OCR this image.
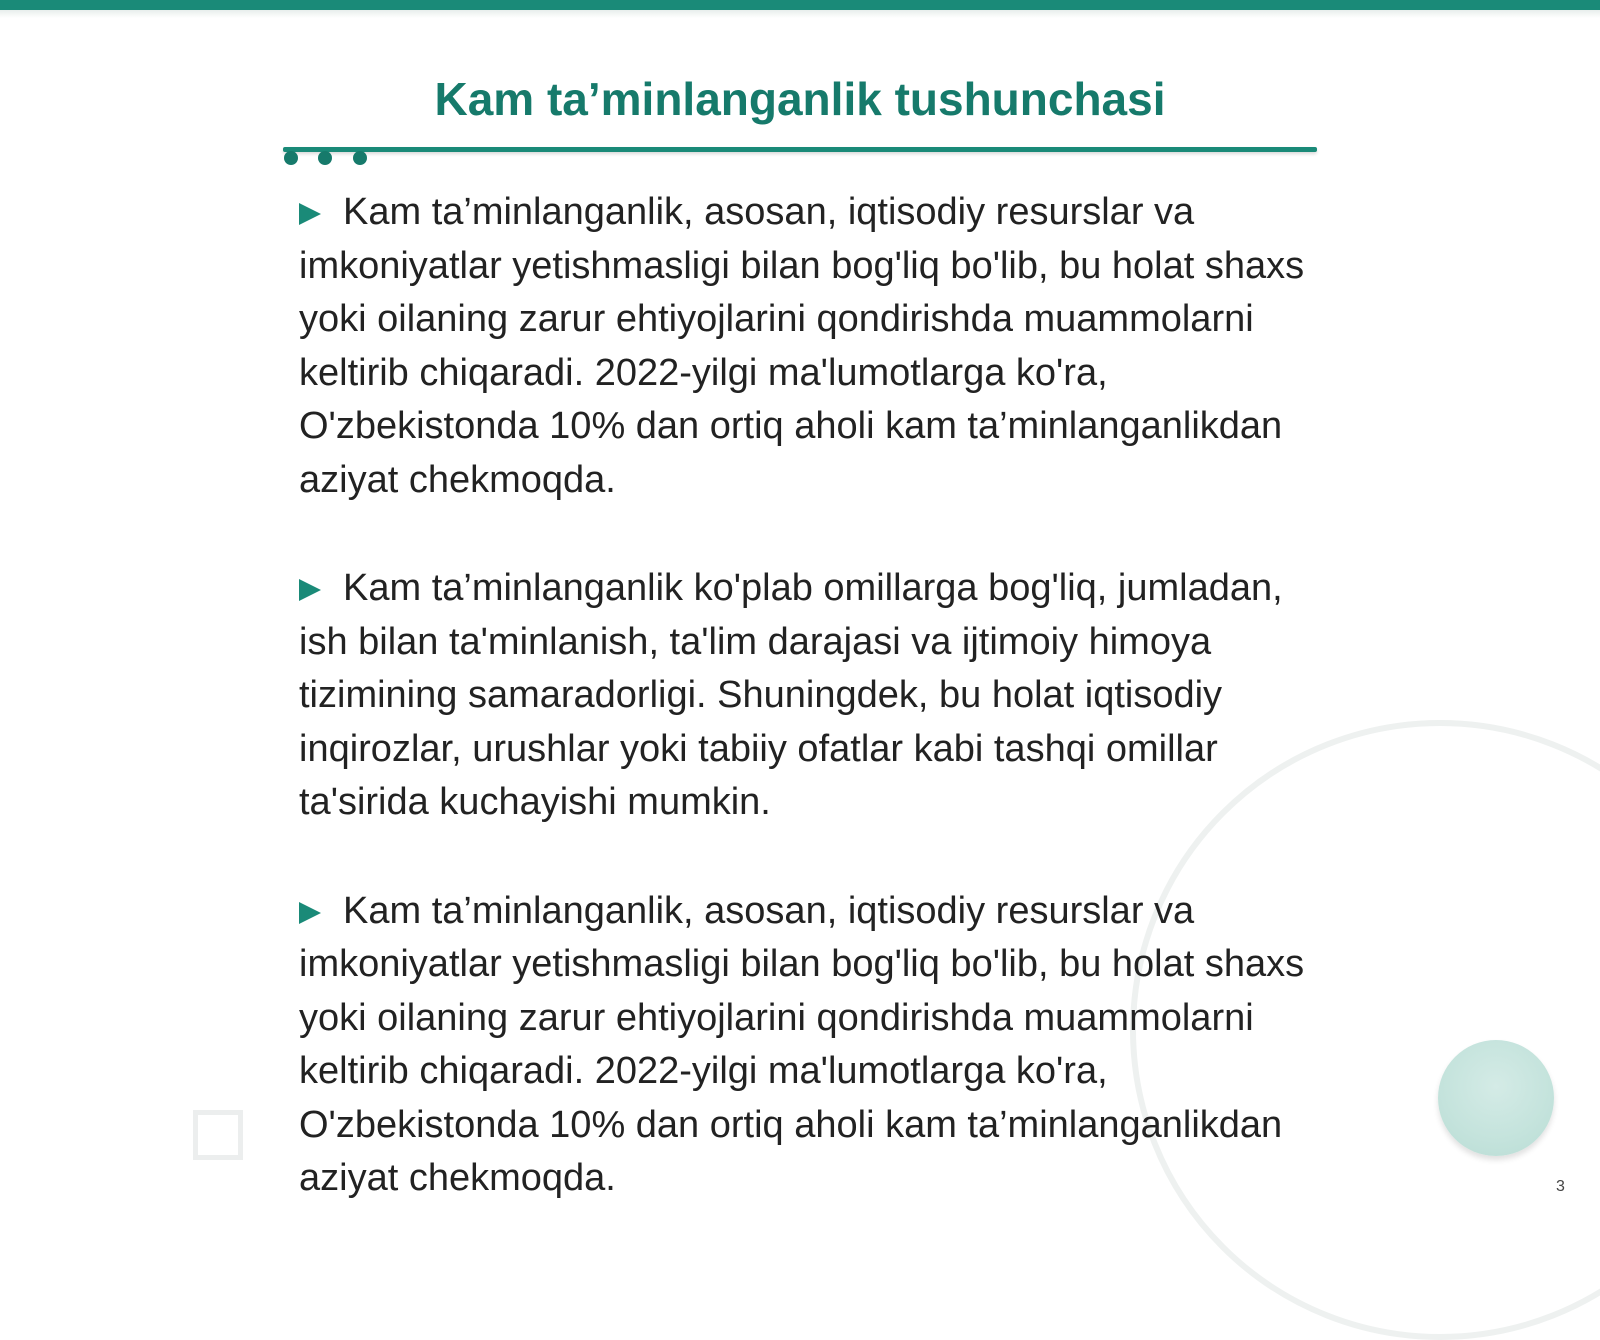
Kam ta’minlanganlik tushunchasi
Kam ta’minlanganlik, asosan, iqtisodiy resurslar va imkoniyatlar yetishmasligi bilan bog'liq bo'lib, bu holat shaxs yoki oilaning zarur ehtiyojlarini qondirishda muammolarni keltirib chiqaradi. 2022-yilgi ma'lumotlarga ko'ra, O'zbekistonda 10% dan ortiq aholi kam ta’minlanganlikdan aziyat chekmoqda.
Kam ta’minlanganlik ko'plab omillarga bog'liq, jumladan, ish bilan ta'minlanish, ta'lim darajasi va ijtimoiy himoya tizimining samaradorligi. Shuningdek, bu holat iqtisodiy inqirozlar, urushlar yoki tabiiy ofatlar kabi tashqi omillar ta'sirida kuchayishi mumkin.
Kam ta’minlanganlik, asosan, iqtisodiy resurslar va imkoniyatlar yetishmasligi bilan bog'liq bo'lib, bu holat shaxs yoki oilaning zarur ehtiyojlarini qondirishda muammolarni keltirib chiqaradi. 2022-yilgi ma'lumotlarga ko'ra, O'zbekistonda 10% dan ortiq aholi kam ta’minlanganlikdan aziyat chekmoqda.	3
